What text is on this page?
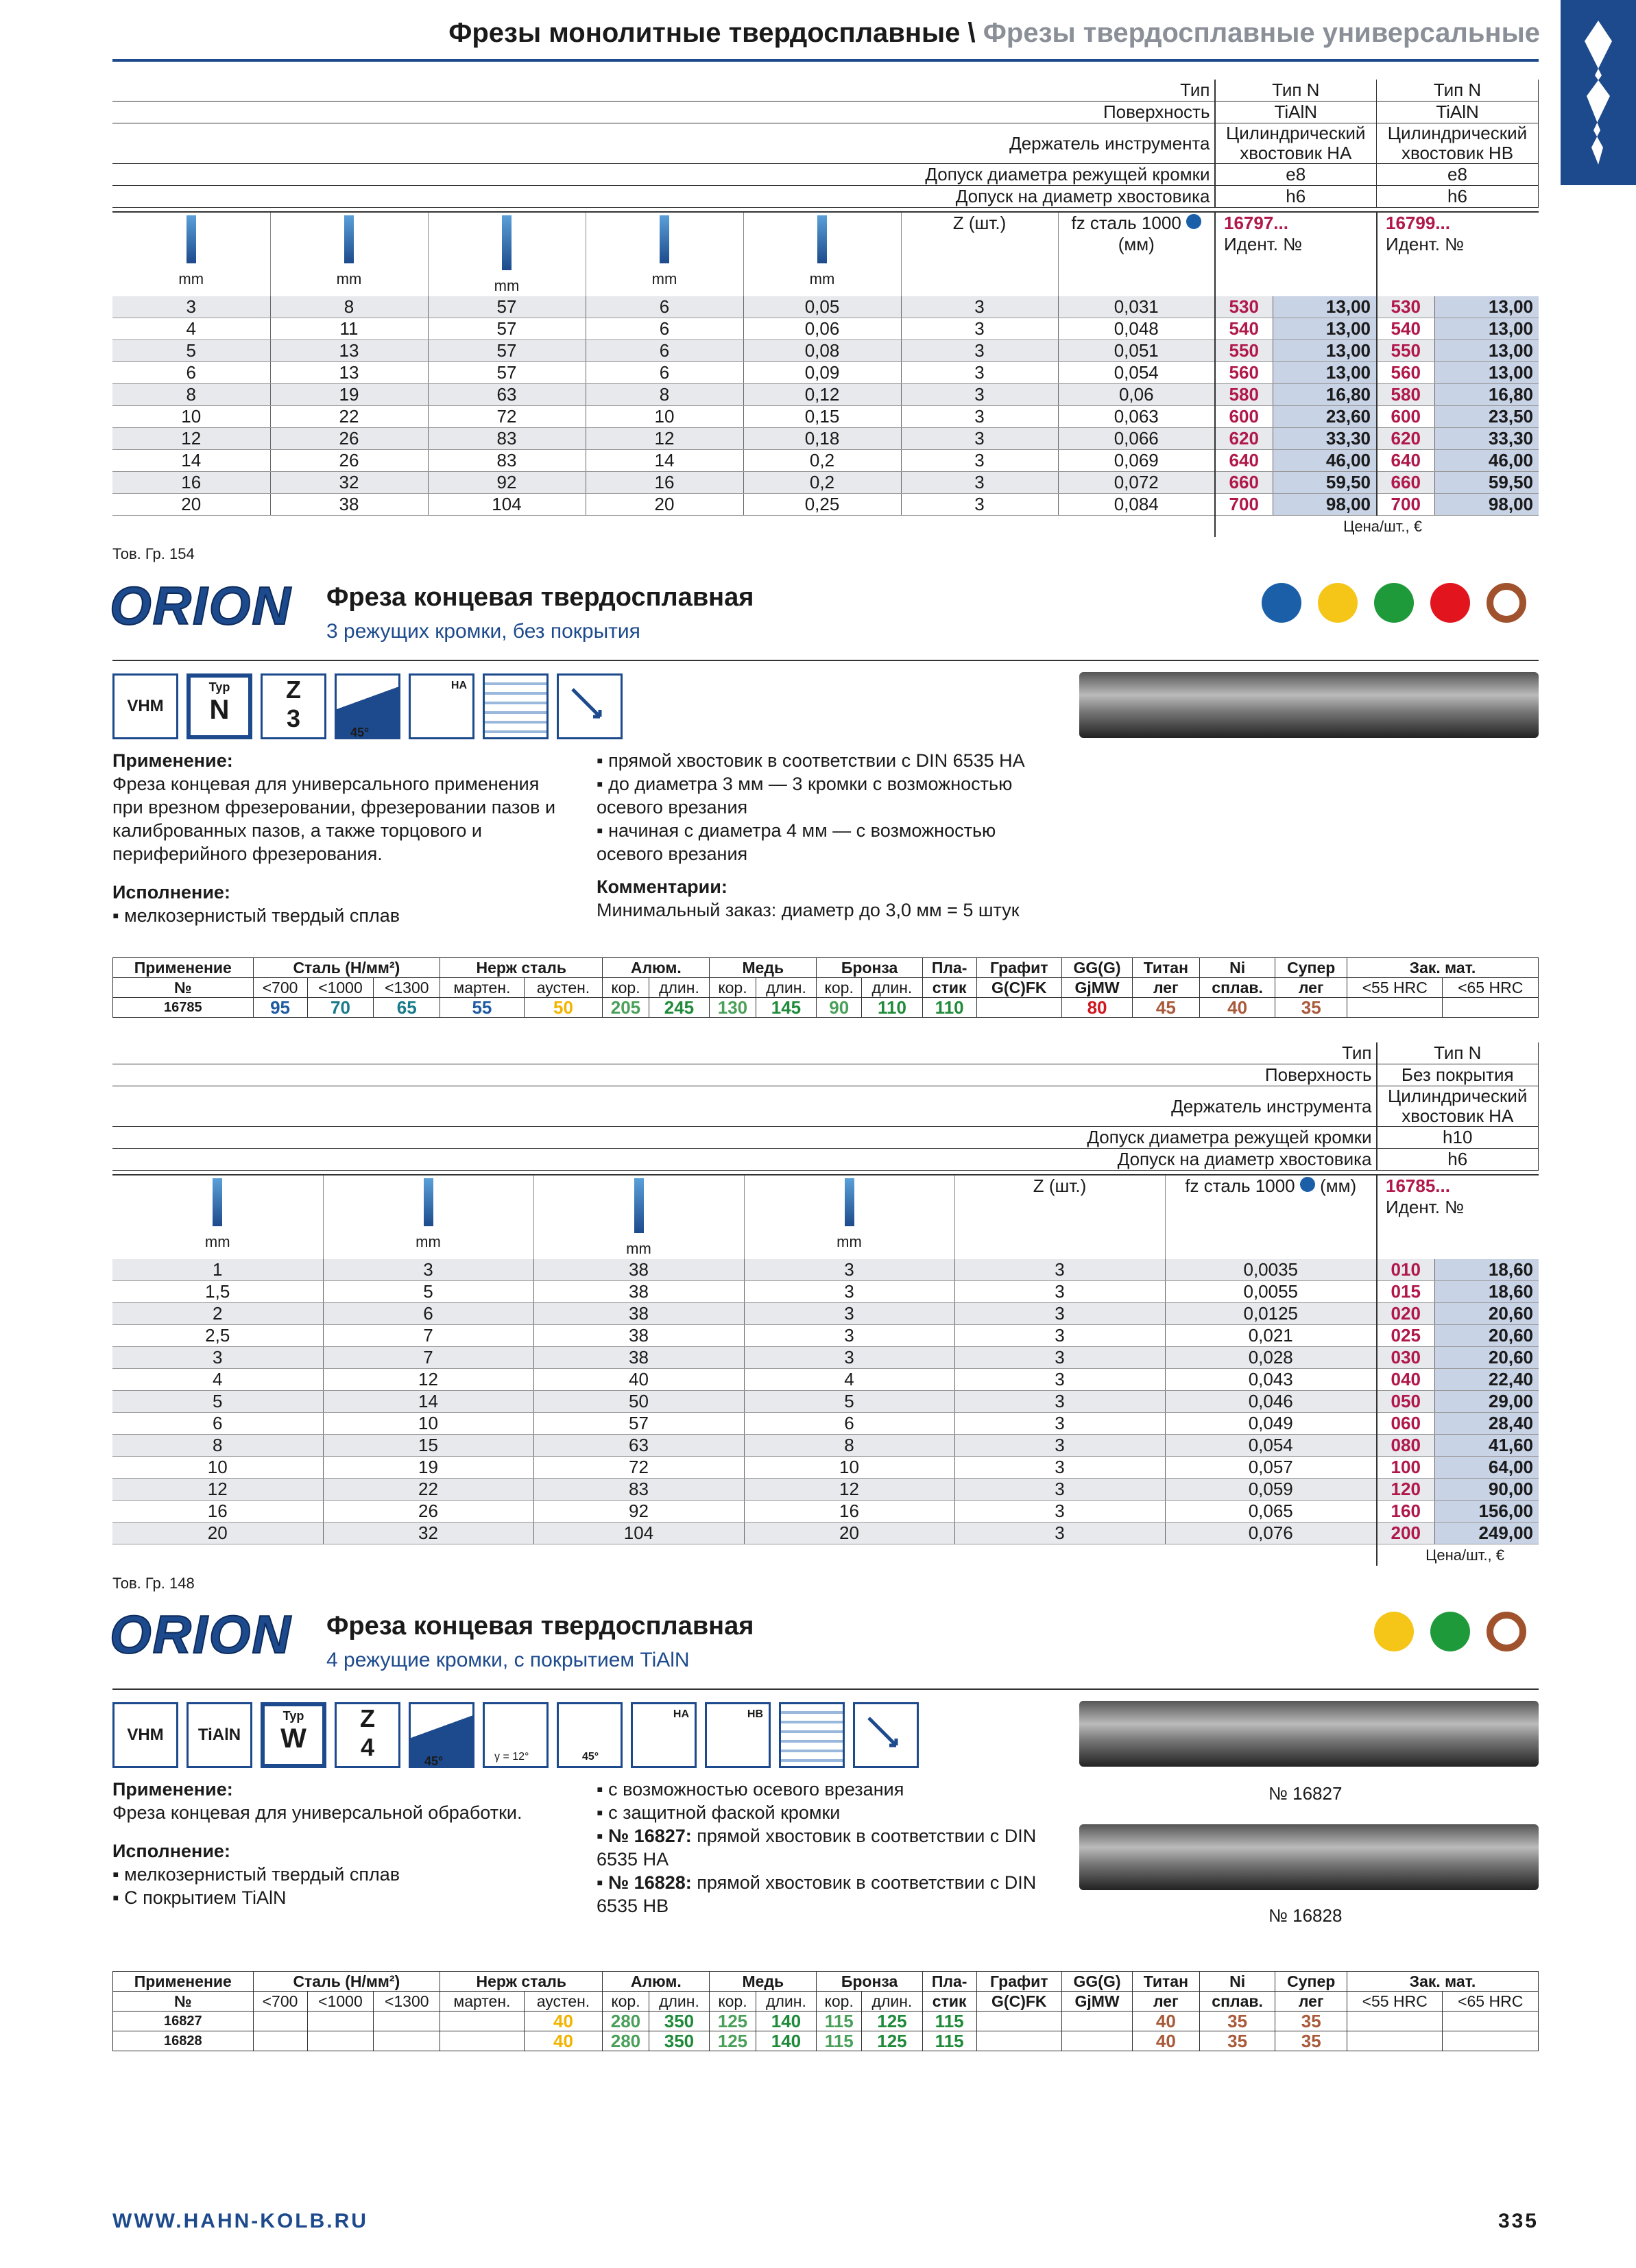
Фрезы монолитные твердосплавные \ Фрезы твердосплавные универсальные
Тип	Тип N	Тип N
Поверхность	TiAlN	TiAlN
Держатель инструмента	Цилиндрический хвостовик HA	Цилиндрический хвостовик HB
Допуск диаметра режущей кромки	e8	e8
Допуск на диаметр хвостовика	h6	h6
mm	mm	mm	mm	mm	Z (шт.)	fz сталь 1000
(мм)	16797...
Идент. №		16799...
Идент. №	
3	8	57	6	0,05	3	0,031	530	13,00	530	13,00
4	11	57	6	0,06	3	0,048	540	13,00	540	13,00
5	13	57	6	0,08	3	0,051	550	13,00	550	13,00
6	13	57	6	0,09	3	0,054	560	13,00	560	13,00
8	19	63	8	0,12	3	0,06	580	16,80	580	16,80
10	22	72	10	0,15	3	0,063	600	23,60	600	23,50
12	26	83	12	0,18	3	0,066	620	33,30	620	33,30
14	26	83	14	0,2	3	0,069	640	46,00	640	46,00
16	32	92	16	0,2	3	0,072	660	59,50	660	59,50
20	38	104	20	0,25	3	0,084	700	98,00	700	98,00
							Цена/шт., €			
Тов. Гр. 154
ORION Фреза концевая твердосплавная
3 режущих кромки, без покрытия
VHM
Typ
N
Z
3	45°
HA
Применение:
Фреза концевая для универсального применения при врезном фрезеровании, фрезеровании пазов и калиброванных пазов, а также торцового и периферийного фрезерования.
Исполнение:
▪ мелкозернистый твердый сплав
▪ прямой хвостовик в соответствии с DIN 6535 HA
▪ до диаметра 3 мм — 3 кромки с возможностью осевого врезания
▪ начиная с диаметра 4 мм — с возможностью осевого врезания
Комментарии:
Минимальный заказ: диаметр до 3,0 мм = 5 штук
Применение	Сталь (Н/мм²)			Нерж сталь		Алюм.		Медь		Бронза		Пла-	Графит	GG(G)	Титан	Ni	Супер	Зак. мат.	
№	<700	<1000	<1300	мартен.	аустен.	кор.	длин.	кор.	длин.	кор.	длин.	стик	G(C)FK	GjMW	лег	сплав.	лег	<55 HRC	<65 HRC
16785	95	70	65	55	50	205	245	130	145	90	110	110		80	45	40	35		
Тип	Тип N
Поверхность	Без покрытия
Держатель инструмента	Цилиндрический хвостовик HA
Допуск диаметра режущей кромки	h10
Допуск на диаметр хвостовика	h6
mm	mm	mm	mm	Z (шт.)	fz сталь 1000 (мм)	16785...
Идент. №	
1	3	38	3	3	0,0035	010	18,60
1,5	5	38	3	3	0,0055	015	18,60
2	6	38	3	3	0,0125	020	20,60
2,5	7	38	3	3	0,021	025	20,60
3	7	38	3	3	0,028	030	20,60
4	12	40	4	3	0,043	040	22,40
5	14	50	5	3	0,046	050	29,00
6	10	57	6	3	0,049	060	28,40
8	15	63	8	3	0,054	080	41,60
10	19	72	10	3	0,057	100	64,00
12	22	83	12	3	0,059	120	90,00
16	26	92	16	3	0,065	160	156,00
20	32	104	20	3	0,076	200	249,00
						Цена/шт., €	
Тов. Гр. 148
ORION Фреза концевая твердосплавная
4 режущие кромки, с покрытием TiAlN
VHM	TiAlN
Typ
W
Z
4	45°	γ = 12°	45°
HA	HB
№ 16827
№ 16828
Применение:
Фреза концевая для универсальной обработки.
Исполнение:
▪ мелкозернистый твердый сплав
▪ С покрытием TiAlN
▪ с возможностью осевого врезания
▪ с защитной фаской кромки
▪ № 16827: прямой хвостовик в соответствии с DIN 6535 HA
▪ № 16828: прямой хвостовик в соответствии с DIN 6535 HB
Применение	Сталь (Н/мм²)			Нерж сталь		Алюм.		Медь		Бронза		Пла-	Графит	GG(G)	Титан	Ni	Супер	Зак. мат.	
№	<700	<1000	<1300	мартен.	аустен.	кор.	длин.	кор.	длин.	кор.	длин.	стик	G(C)FK	GjMW	лег	сплав.	лег	<55 HRC	<65 HRC
16827					40	280	350	125	140	115	125	115			40	35	35		
16828					40	280	350	125	140	115	125	115			40	35	35		
WWW.HAHN-KOLB.RU	335
